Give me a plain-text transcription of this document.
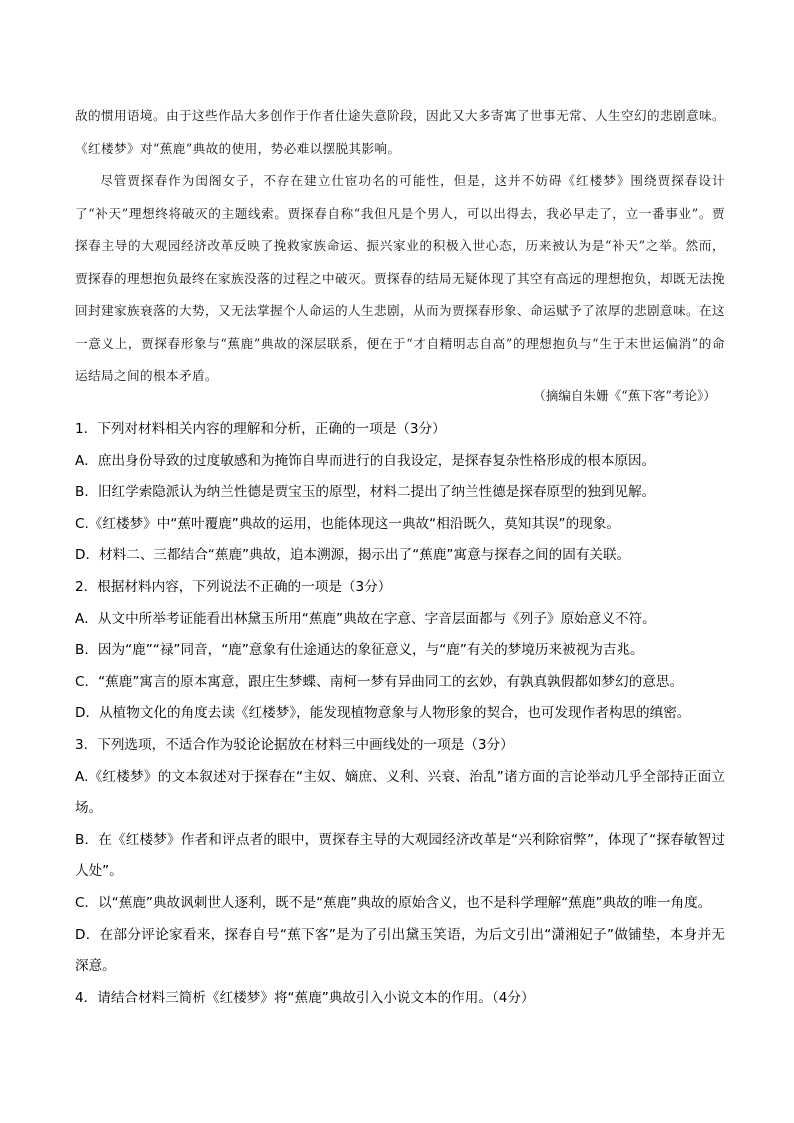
敌的惯用语境。由于这些作品大多创作于作者仕途失意阶段，因此又大多寄寓了世事无常、人生空幻的悲剧意味。《红楼梦》对“蕉鹿”典故的使用，势必难以摆脱其影响。

尽管贾探春作为闺阁女子，不存在建立仕宦功名的可能性，但是，这并不妨碍《红楼梦》围绕贾探春设计了“补天”理想终将破灭的主题线索。贾探春自称“我但凡是个男人，可以出得去，我必早走了，立一番事业”。贾探春主导的大观园经济改革反映了挽救家族命运、振兴家业的积极入世心态，历来被认为是“补天”之举。然而，贾探春的理想抱负最终在家族没落的过程之中破灭。贾探春的结局无疑体现了其空有高远的理想抱负，却既无法挽回封建家族衰落的大势，又无法掌握个人命运的人生悲剧，从而为贾探春形象、命运赋予了浓厚的悲剧意味。在这一意义上，贾探春形象与“蕉鹿”典故的深层联系，便在于“才自精明志自高”的理想抱负与“生于末世运偏消”的命运结局之间的根本矛盾。

（摘编自朱姗《“蕉下客”考论》）

1．下列对材料相关内容的理解和分析，正确的一项是（3分）

A．庶出身份导致的过度敏感和为掩饰自卑而进行的自我设定，是探春复杂性格形成的根本原因。

B．旧红学索隐派认为纳兰性德是贾宝玉的原型，材料二提出了纳兰性德是探春原型的独到见解。

C.《红楼梦》中“蕉叶覆鹿”典故的运用，也能体现这一典故“相沿既久，莫知其误”的现象。

D．材料二、三都结合“蕉鹿”典故，追本溯源，揭示出了“蕉鹿”寓意与探春之间的固有关联。

2．根据材料内容，下列说法不正确的一项是（3分）

A．从文中所举考证能看出林黛玉所用“蕉鹿”典故在字意、字音层面都与《列子》原始意义不符。

B．因为“鹿”“禄”同音，“鹿”意象有仕途通达的象征意义，与“鹿”有关的梦境历来被视为吉兆。

C．“蕉鹿”寓言的原本寓意，跟庄生梦蝶、南柯一梦有异曲同工的玄妙，有孰真孰假都如梦幻的意思。

D．从植物文化的角度去读《红楼梦》，能发现植物意象与人物形象的契合，也可发现作者构思的缜密。

3．下列选项，不适合作为驳论论据放在材料三中画线处的一项是（3分）

A.《红楼梦》的文本叙述对于探春在“主奴、嫡庶、义利、兴衰、治乱”诸方面的言论举动几乎全部持正面立场。

B．在《红楼梦》作者和评点者的眼中，贾探春主导的大观园经济改革是“兴利除宿弊”，体现了“探春敏智过人处”。

C．以“蕉鹿”典故讽刺世人逐利，既不是“蕉鹿”典故的原始含义，也不是科学理解“蕉鹿”典故的唯一角度。

D．在部分评论家看来，探春自号“蕉下客”是为了引出黛玉笑语，为后文引出“潇湘妃子”做铺垫，本身并无深意。

4．请结合材料三简析《红楼梦》将“蕉鹿”典故引入小说文本的作用。（4分）
